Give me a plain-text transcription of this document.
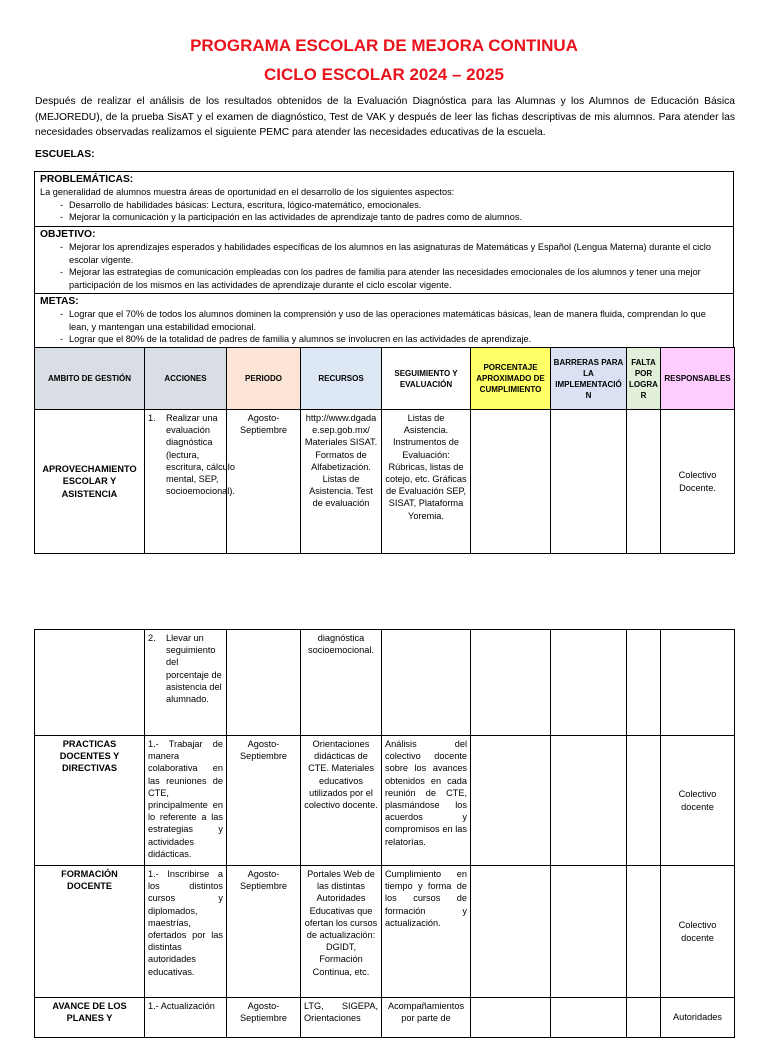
PROGRAMA ESCOLAR DE MEJORA CONTINUA
CICLO ESCOLAR 2024 – 2025
Después de realizar el análisis de los resultados obtenidos de la Evaluación Diagnóstica para las Alumnas y los Alumnos de Educación Básica (MEJOREDU), de la prueba SisAT y el examen de diagnóstico, Test de VAK y después de leer las fichas descriptivas de mis alumnos. Para atender las necesidades observadas realizamos el siguiente PEMC para atender las necesidades educativas de la escuela.
ESCUELAS:
PROBLEMÁTICAS:
La generalidad de alumnos muestra áreas de oportunidad en el desarrollo de los siguientes aspectos:
- Desarrollo de habilidades básicas: Lectura, escritura, lógico-matemático, emocionales.
- Mejorar la comunicación y la participación en las actividades de aprendizaje tanto de padres como de alumnos.
OBJETIVO:
- Mejorar los aprendizajes esperados y habilidades específicas de los alumnos en las asignaturas de Matemáticas y Español (Lengua Materna) durante el ciclo escolar vigente.
- Mejorar las estrategias de comunicación empleadas con los padres de familia para atender las necesidades emocionales de los alumnos y tener una mejor participación de los mismos en las actividades de aprendizaje durante el ciclo escolar vigente.
METAS:
- Lograr que el 70% de todos los alumnos dominen la comprensión y uso de las operaciones matemáticas básicas, lean de manera fluida, comprendan lo que lean, y mantengan una estabilidad emocional.
- Lograr que el 80% de la totalidad de padres de familia y alumnos se involucren en las actividades de aprendizaje.
AMBITO DE GESTIÓN	ACCIONES	PERIODO	RECURSOS	SEGUIMIENTO Y EVALUACIÓN	PORCENTAJE APROXIMADO DE CUMPLIMIENTO	BARRERAS PARA LA IMPLEMENTACIÓN	FALTA POR LOGRAR	RESPONSABLES
APROVECHAMIENTO ESCOLAR Y ASISTENCIA	1. Realizar una evaluación diagnóstica (lectura, escritura, cálculo mental, SEP, socioemocional).	Agosto-Septiembre	http://www.dgadae.sep.gob.mx/ Materiales SISAT. Formatos de Alfabetización. Listas de Asistencia. Test de evaluación	Listas de Asistencia. Instrumentos de Evaluación: Rúbricas, listas de cotejo, etc. Gráficas de Evaluación SEP, SISAT, Plataforma Yoremia.				Colectivo Docente.

	2. Llevar un seguimiento del porcentaje de asistencia del alumnado.		diagnóstica socioemocional.					
PRACTICAS DOCENTES Y DIRECTIVAS	1.- Trabajar de manera colaborativa en las reuniones de CTE, principalmente en lo referente a las estrategias y actividades didácticas.	Agosto-Septiembre	Orientaciones didácticas de CTE. Materiales educativos utilizados por el colectivo docente.	Análisis del colectivo docente sobre los avances obtenidos en cada reunión de CTE, plasmándose los acuerdos y compromisos en las relatorías.				Colectivo docente
FORMACIÓN DOCENTE	1.- Inscribirse a los distintos cursos y diplomados, maestrías, ofertados por las distintas autoridades educativas.	Agosto-Septiembre	Portales Web de las distintas Autoridades Educativas que ofertan los cursos de actualización: DGIDT, Formación Continua, etc.	Cumplimiento en tiempo y forma de los cursos de formación y actualización.				Colectivo docente
AVANCE DE LOS PLANES Y	1.- Actualización	Agosto-Septiembre	LTG, SIGEPA, Orientaciones	Acompañamientos por parte de				Autoridades
